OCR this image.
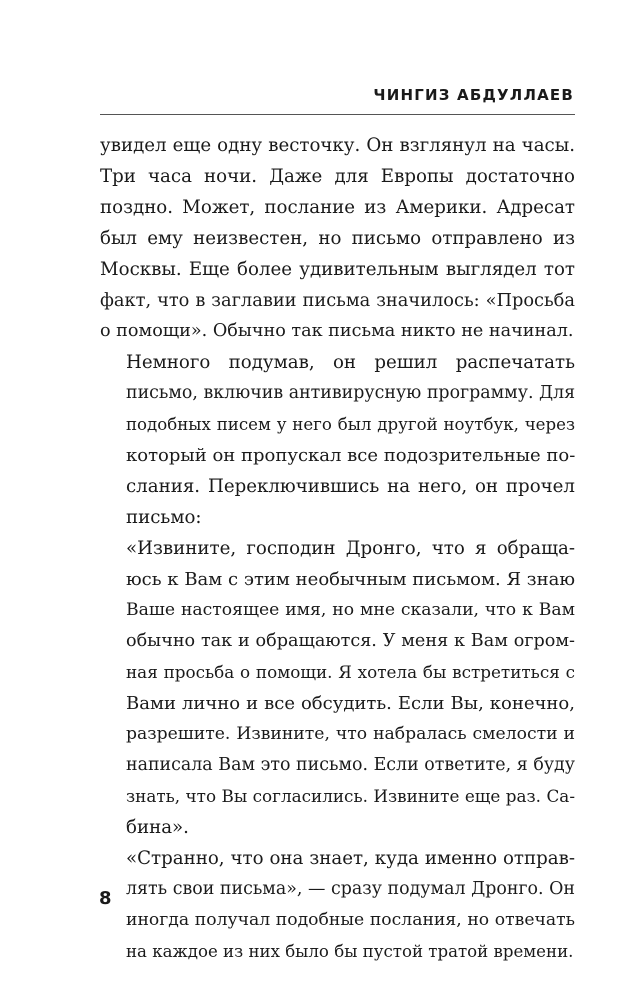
ЧИНГИЗ АБДУЛЛАЕВ

увидел еще одну весточку. Он взглянул на часы.
Три часа ночи. Даже для Европы достаточно
поздно. Может, послание из Америки. Адресат
был ему неизвестен, но письмо отправлено из
Москвы. Еще более удивительным выглядел тот
факт, что в заглавии письма значилось: «Просьба
о помощи». Обычно так письма никто не начинал.

Немного подумав, он решил распечатать
письмо, включив антивирусную программу. Для
подобных писем у него был другой ноутбук, через
который он пропускал все подозрительные по-
слания. Переключившись на него, он прочел
письмо:

«Извините, господин Дронго, что я обраща-
юсь к Вам с этим необычным письмом. Я знаю
Ваше настоящее имя, но мне сказали, что к Вам
обычно так и обращаются. У меня к Вам огром-
ная просьба о помощи. Я хотела бы встретиться с
Вами лично и все обсудить. Если Вы, конечно,
разрешите. Извините, что набралась смелости и
написала Вам это письмо. Если ответите, я буду
знать, что Вы согласились. Извините еще раз. Са-
бина».

«Странно, что она знает, куда именно отправ-
лять свои письма», — сразу подумал Дронго. Он
иногда получал подобные послания, но отвечать
на каждое из них было бы пустой тратой времени.

8
